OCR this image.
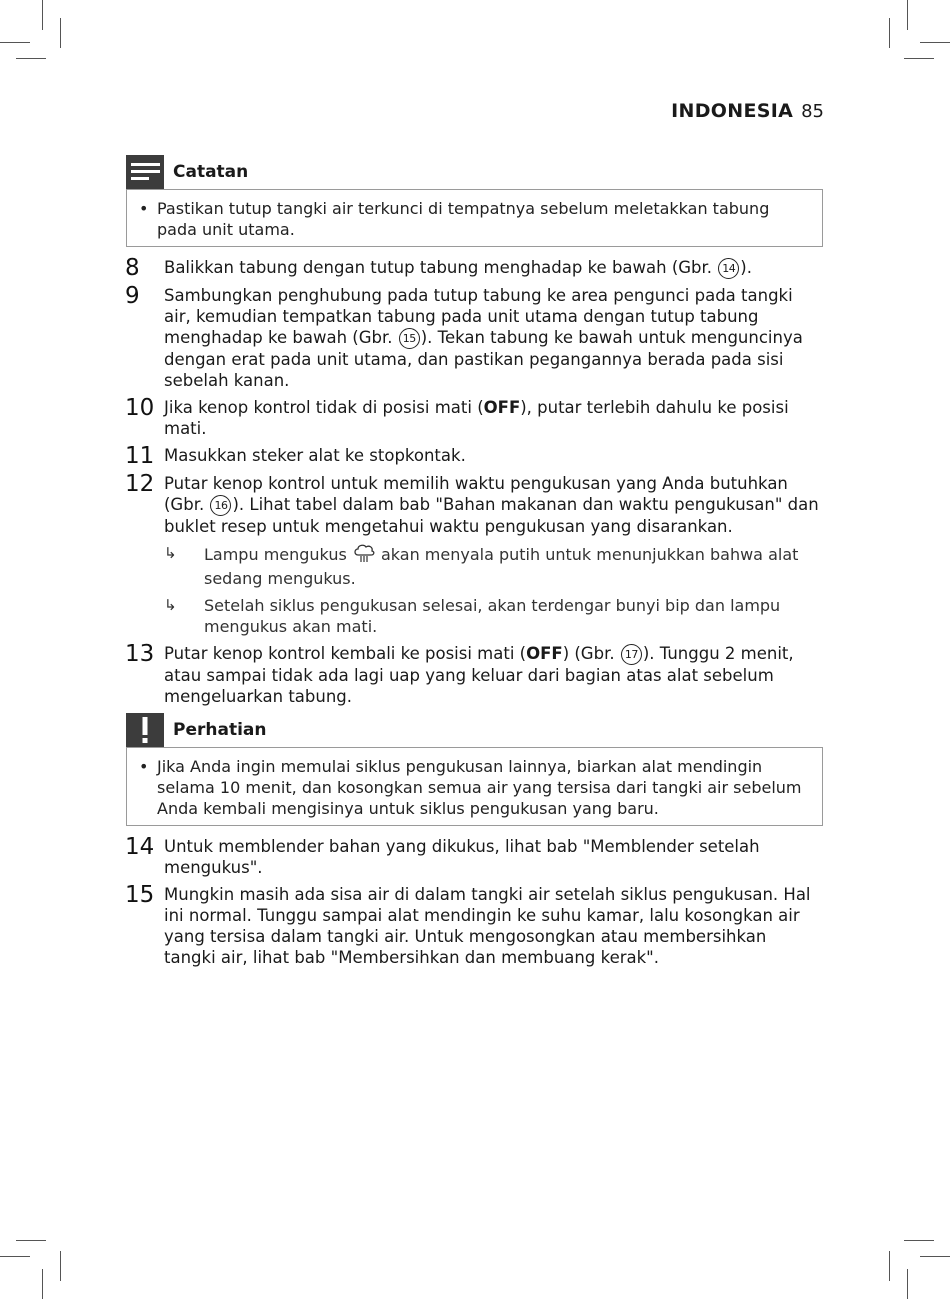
INDONESIA 85
Catatan
• Pastikan tutup tangki air terkunci di tempatnya sebelum meletakkan tabung pada unit utama.
8	Balikkan tabung dengan tutup tabung menghadap ke bawah (Gbr. 14 ).
9	Sambungkan penghubung pada tutup tabung ke area pengunci pada tangki air, kemudian tempatkan tabung pada unit utama dengan tutup tabung menghadap ke bawah (Gbr. 15 ). Tekan tabung ke bawah untuk menguncinya dengan erat pada unit utama, dan pastikan pegangannya berada pada sisi sebelah kanan.
10 Jika kenop kontrol tidak di posisi mati (OFF), putar terlebih dahulu ke posisi mati.
11 Masukkan steker alat ke stopkontak.
12 Putar kenop kontrol untuk memilih waktu pengukusan yang Anda butuhkan (Gbr. 16 ). Lihat tabel dalam bab "Bahan makanan dan waktu pengukusan" dan buklet resep untuk mengetahui waktu pengukusan yang disarankan.
↳	Lampu mengukus  akan menyala putih untuk menunjukkan bahwa alat sedang mengukus.
↳	Setelah siklus pengukusan selesai, akan terdengar bunyi bip dan lampu mengukus akan mati.
13 Putar kenop kontrol kembali ke posisi mati (OFF) (Gbr. 17 ). Tunggu 2 menit, atau sampai tidak ada lagi uap yang keluar dari bagian atas alat sebelum mengeluarkan tabung.
Perhatian
• Jika Anda ingin memulai siklus pengukusan lainnya, biarkan alat mendingin selama 10 menit, dan kosongkan semua air yang tersisa dari tangki air sebelum Anda kembali mengisinya untuk siklus pengukusan yang baru.
14 Untuk memblender bahan yang dikukus, lihat bab "Memblender setelah mengukus".
15 Mungkin masih ada sisa air di dalam tangki air setelah siklus pengukusan. Hal ini normal. Tunggu sampai alat mendingin ke suhu kamar, lalu kosongkan air yang tersisa dalam tangki air. Untuk mengosongkan atau membersihkan tangki air, lihat bab "Membersihkan dan membuang kerak".
